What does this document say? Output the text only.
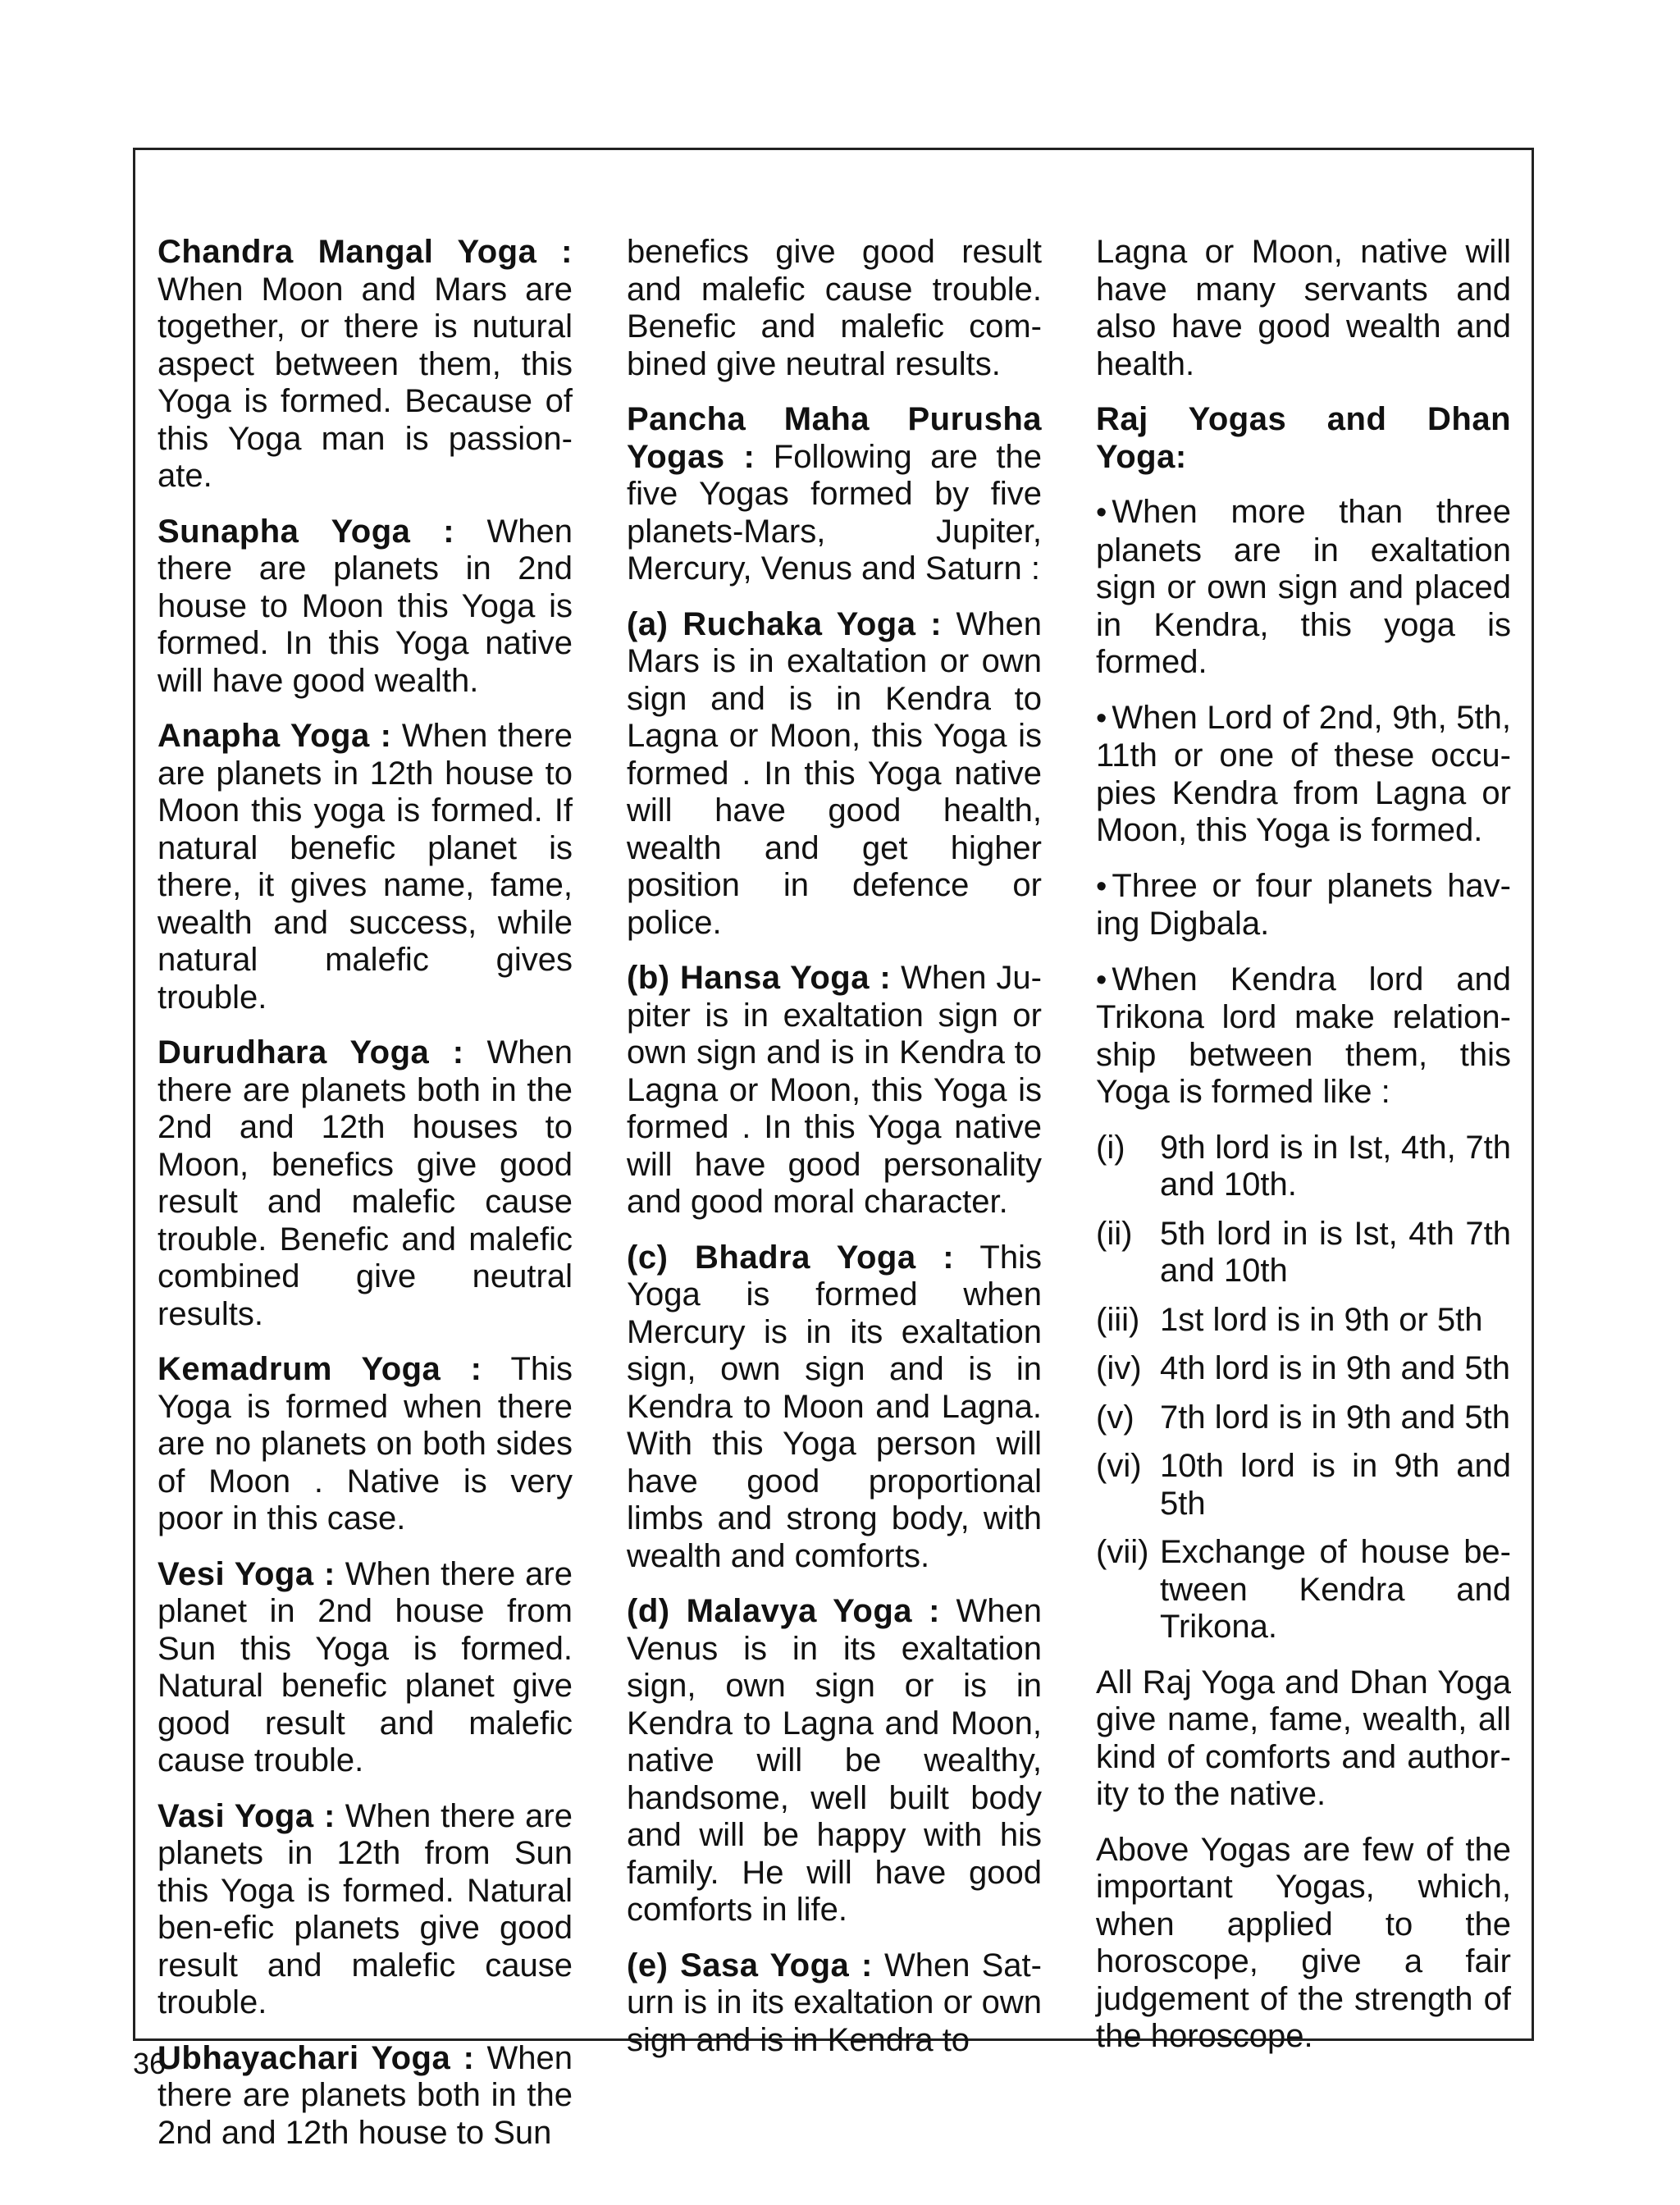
Chandra Mangal Yoga : When Moon and Mars are together, or there is nutural aspect between them, this Yoga is formed. Because of this Yoga man is passion-ate.

Sunapha Yoga : When there are planets in 2nd house to Moon this Yoga is formed. In this Yoga native will have good wealth.

Anapha Yoga : When there are planets in 12th house to Moon this yoga is formed. If natural benefic planet is there, it gives name, fame, wealth and success, while natural malefic gives trouble.

Durudhara Yoga : When there are planets both in the 2nd and 12th houses to Moon, benefics give good result and malefic cause trouble. Benefic and malefic combined give neutral results.

Kemadrum Yoga : This Yoga is formed when there are no planets on both sides of Moon . Native is very poor in this case.

Vesi Yoga : When there are planet in 2nd house from Sun this Yoga is formed. Natural benefic planet give good result and malefic cause trouble.

Vasi Yoga : When there are planets in 12th from Sun this Yoga is formed. Natural ben-efic planets give good result and malefic cause trouble.

Ubhayachari Yoga : When there are planets both in the 2nd and 12th house to Sun

benefics give good result and malefic cause trouble. Benefic and malefic com-bined give neutral results.

Pancha Maha Purusha Yogas : Following are the five Yogas formed by five planets-Mars, Jupiter, Mercury, Venus and Saturn :

(a) Ruchaka Yoga : When Mars is in exaltation or own sign and is in Kendra to Lagna or Moon, this Yoga is formed . In this Yoga native will have good health, wealth and get higher position in defence or police.

(b) Hansa Yoga : When Ju-piter is in exaltation sign or own sign and is in Kendra to Lagna or Moon, this Yoga is formed . In this Yoga native will have good personality and good moral character.

(c) Bhadra Yoga : This Yoga is formed when Mercury is in its exaltation sign, own sign and is in Kendra to Moon and Lagna. With this Yoga person will have good proportional limbs and strong body, with wealth and comforts.

(d) Malavya Yoga : When Venus is in its exaltation sign, own sign or is in Kendra to Lagna and Moon, native will be wealthy, handsome, well built body and will be happy with his family. He will have good comforts in life.

(e) Sasa Yoga : When Sat-urn is in its exaltation or own sign and is in Kendra to

Lagna or Moon, native will have many servants and also have good wealth and health.

Raj Yogas and Dhan Yoga:

• When more than three planets are in exaltation sign or own sign and placed in Kendra, this yoga is formed.

• When Lord of 2nd, 9th, 5th, 11th or one of these occu-pies Kendra from Lagna or Moon, this Yoga is formed.

• Three or four planets hav-ing Digbala.

• When Kendra lord and Trikona lord make relation-ship between them, this Yoga is formed like :

(i)	9th lord is in Ist, 4th, 7th and 10th.
(ii) 5th lord in is Ist, 4th 7th and 10th
(iii) 1st lord is in 9th or 5th
(iv) 4th lord is in 9th and 5th
(v) 7th lord is in 9th and 5th
(vi) 10th lord is in 9th and 5th
(vii) Exchange of house be-tween Kendra and Trikona.

All Raj Yoga and Dhan Yoga give name, fame, wealth, all kind of comforts and author-ity to the native.

Above Yogas are few of the important Yogas, which, when applied to the horoscope, give a fair judgement of the strength of the horoscope.

36
